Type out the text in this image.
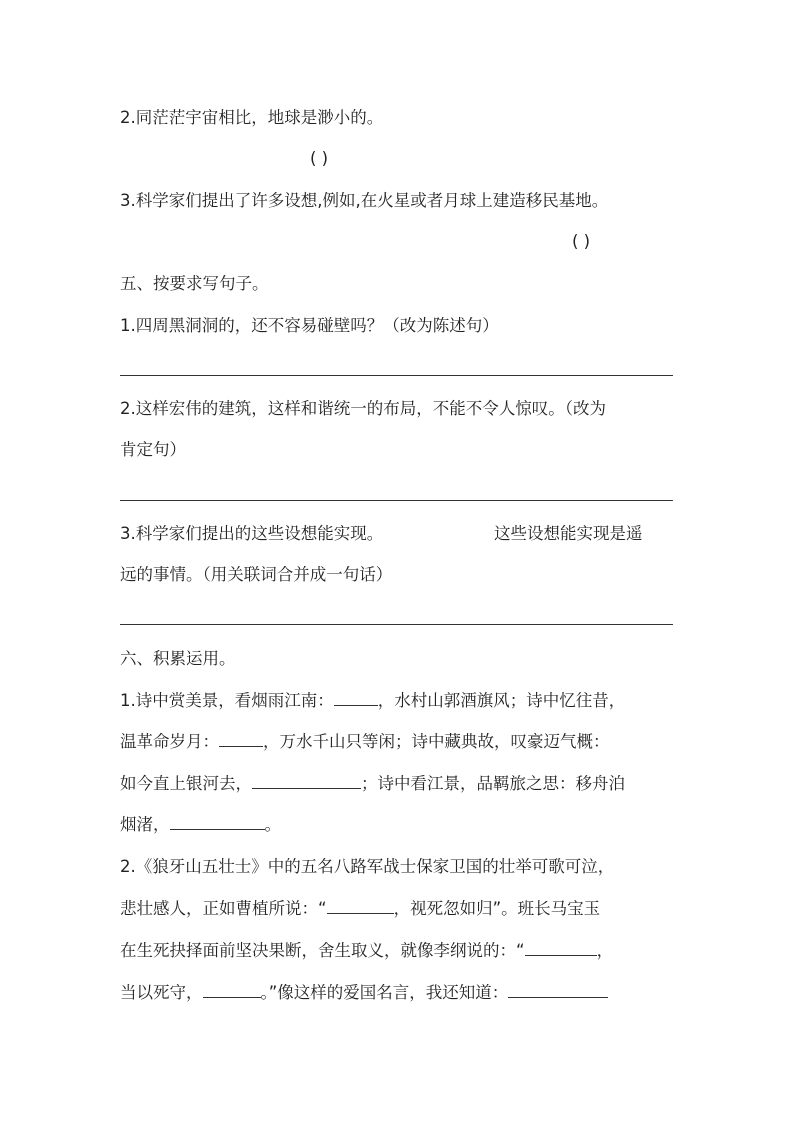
2.同茫茫宇宙相比，地球是渺小的。
( )
3.科学家们提出了许多设想,例如,在火星或者月球上建造移民基地。
( )
五、按要求写句子。
1.四周黑洞洞的，还不容易碰壁吗？（改为陈述句）
2.这样宏伟的建筑，这样和谐统一的布局，不能不令人惊叹。（改为
肯定句）
3.科学家们提出的这些设想能实现。	这些设想能实现是遥
远的事情。（用关联词合并成一句话）
六、积累运用。
1.诗中赏美景，看烟雨江南：	，水村山郭酒旗风；诗中忆往昔，
温革命岁月：	，万水千山只等闲；诗中藏典故，叹豪迈气概：
如今直上银河去，	；诗中看江景，品羁旅之思：移舟泊
烟渚，	。
2.《狼牙山五壮士》中的五名八路军战士保家卫国的壮举可歌可泣，
悲壮感人，正如曹植所说：“	，视死忽如归”。班长马宝玉
在生死抉择面前坚决果断，舍生取义，就像李纲说的：“	，
当以死守，	。”像这样的爱国名言，我还知道：
